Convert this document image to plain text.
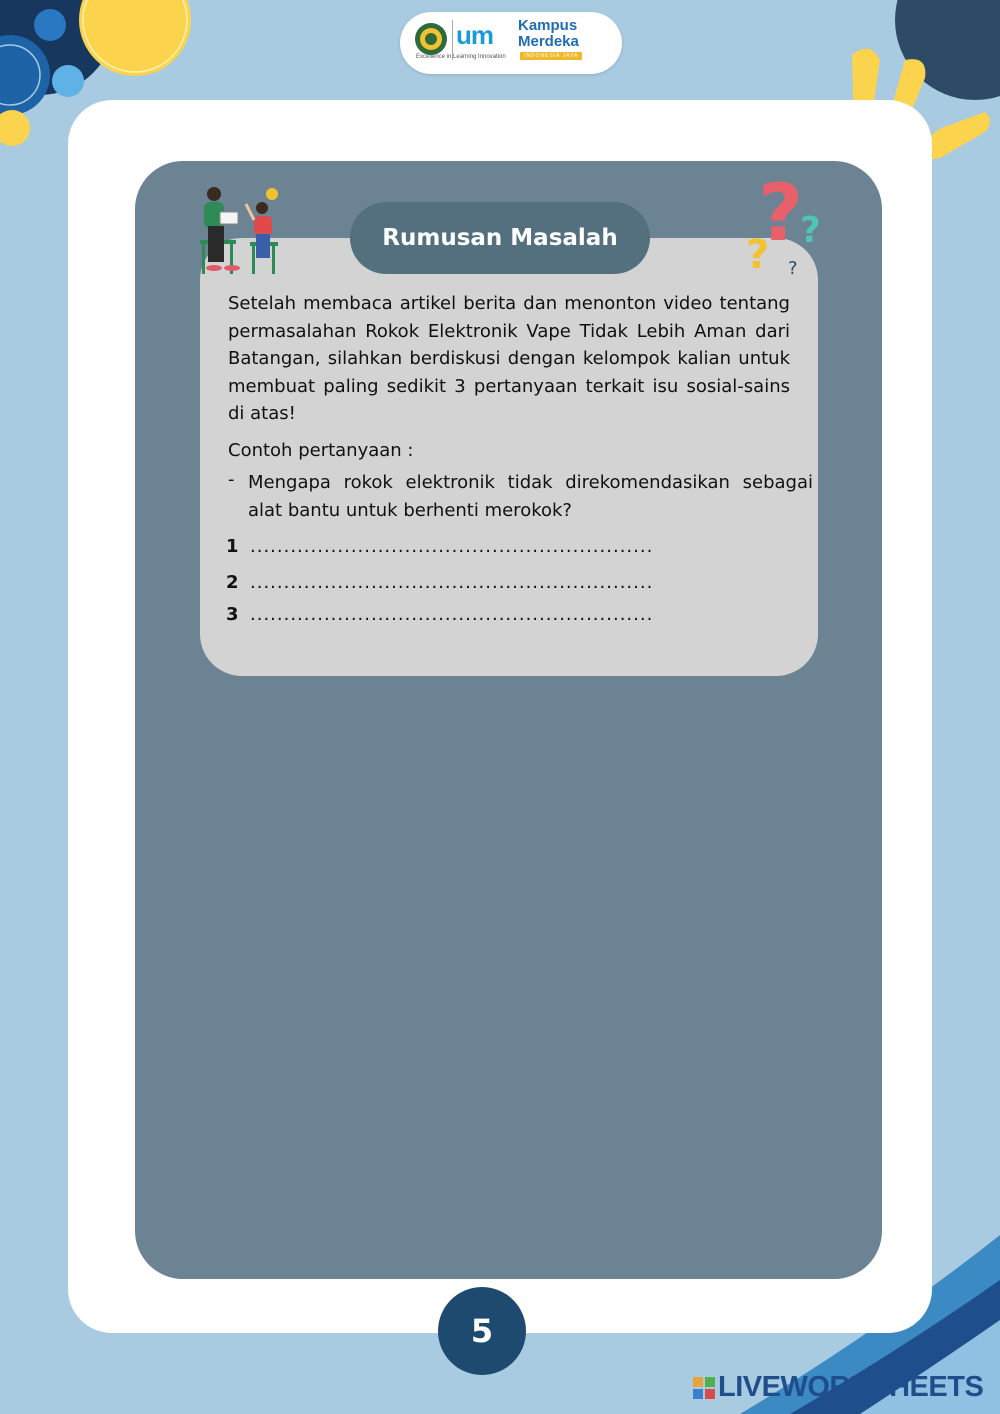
um Kampus
Merdeka
INDONESIA JAYA
Excellence in Learning Innovation
?
?
? ?
Rumusan Masalah
Setelah membaca artikel berita dan menonton video tentang permasalahan Rokok Elektronik Vape Tidak Lebih Aman dari Batangan, silahkan berdiskusi dengan kelompok kalian untuk membuat paling sedikit 3 pertanyaan terkait isu sosial-sains di atas!
Contoh pertanyaan :
- Mengapa rokok elektronik tidak direkomendasikan sebagai alat bantu untuk berhenti merokok?
1 ............................................................
2 ............................................................
3 ............................................................
5
LIVEWORKSHEETS
